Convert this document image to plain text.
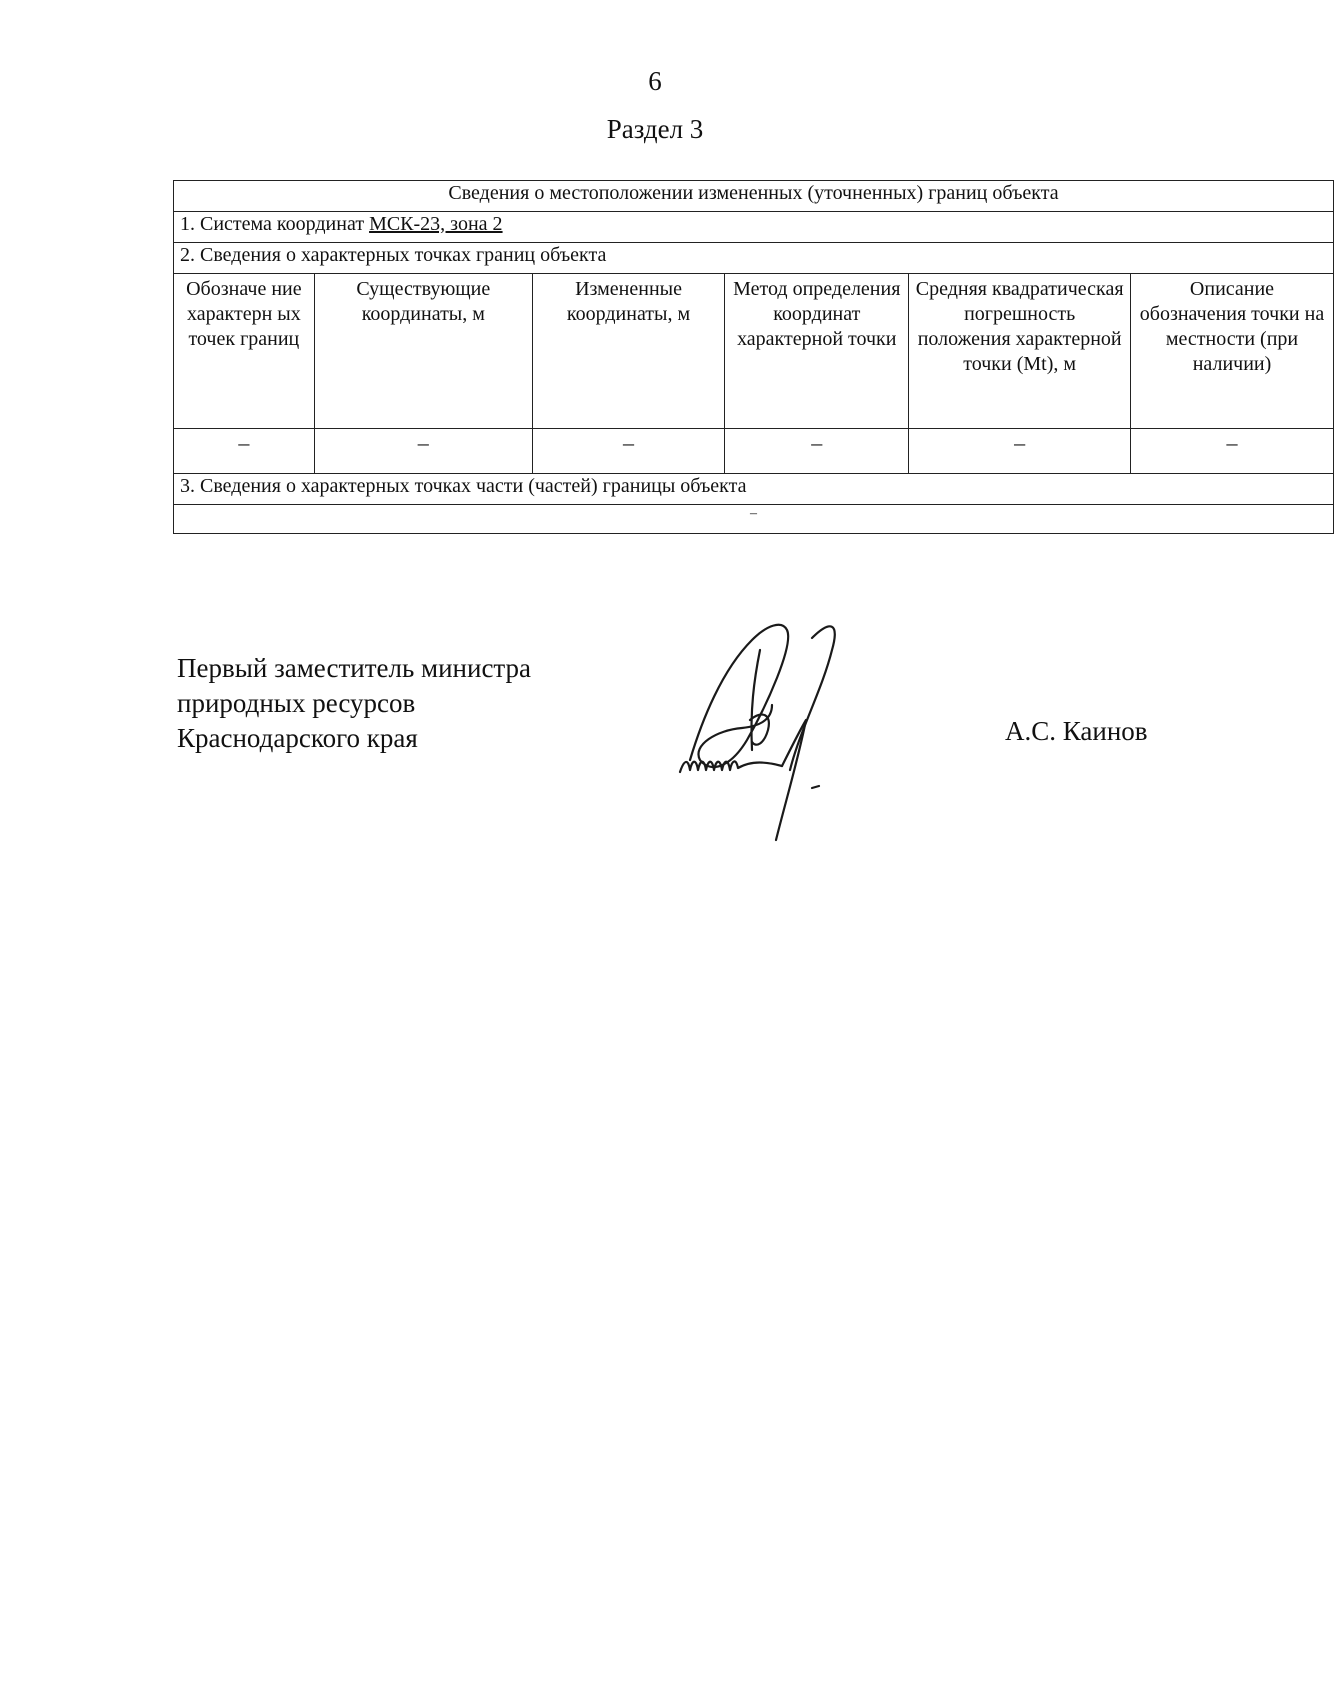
6
Раздел 3
Сведения о местоположении измененных (уточненных) границ объекта					
1. Система координат МСК-23, зона 2					
2. Сведения о характерных точках границ объекта					
Обозначе ние характерн ых точек границ	Существующие координаты, м	Измененные координаты, м	Метод определения координат характерной точки	Средняя квадратическая погрешность положения характерной точки (Mt), м	Описание обозначения точки на местности (при наличии)
–	–	–	–	–	–
3. Сведения о характерных точках части (частей) границы объекта					
–					
Первый заместитель министра
природных ресурсов
Краснодарского края	А.С. Каинов
